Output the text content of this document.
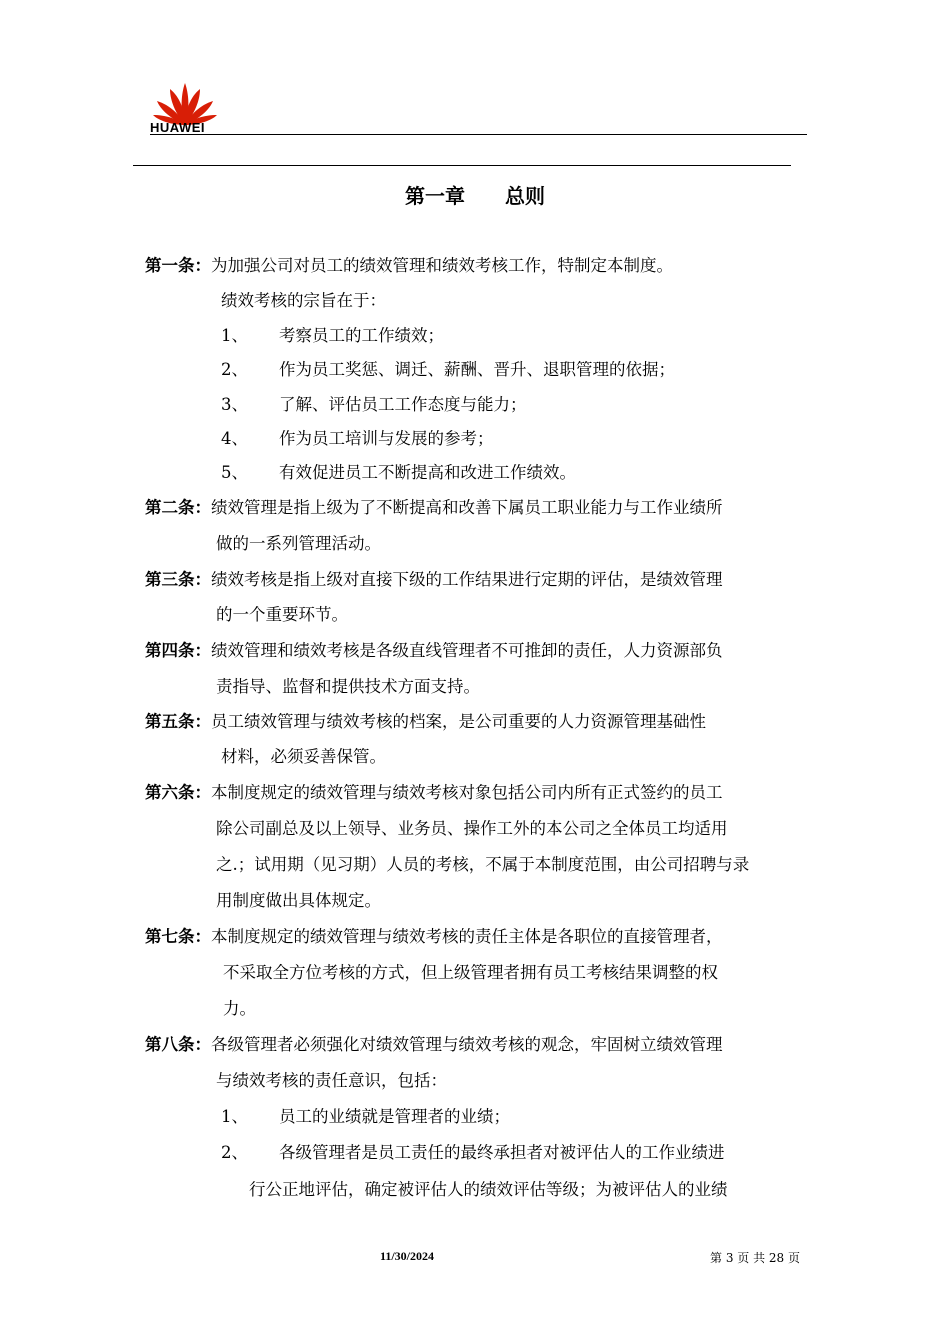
HUAWEI
第一章 总则
第一条：为加强公司对员工的绩效管理和绩效考核工作，特制定本制度。
绩效考核的宗旨在于：
1、 考察员工的工作绩效；
2、 作为员工奖惩、调迁、薪酬、晋升、退职管理的依据；
3、 了解、评估员工工作态度与能力；
4、 作为员工培训与发展的参考；
5、 有效促进员工不断提高和改进工作绩效。
第二条：绩效管理是指上级为了不断提高和改善下属员工职业能力与工作业绩所
做的一系列管理活动。
第三条：绩效考核是指上级对直接下级的工作结果进行定期的评估，是绩效管理
的一个重要环节。
第四条：绩效管理和绩效考核是各级直线管理者不可推卸的责任，人力资源部负
责指导、监督和提供技术方面支持。
第五条：员工绩效管理与绩效考核的档案，是公司重要的人力资源管理基础性
材料，必须妥善保管。
第六条：本制度规定的绩效管理与绩效考核对象包括公司内所有正式签约的员工
除公司副总及以上领导、业务员、操作工外的本公司之全体员工均适用
之.；试用期（见习期）人员的考核，不属于本制度范围，由公司招聘与录
用制度做出具体规定。
第七条：本制度规定的绩效管理与绩效考核的责任主体是各职位的直接管理者，
不采取全方位考核的方式，但上级管理者拥有员工考核结果调整的权
力。
第八条：各级管理者必须强化对绩效管理与绩效考核的观念，牢固树立绩效管理
与绩效考核的责任意识，包括：
1、 员工的业绩就是管理者的业绩；
2、 各级管理者是员工责任的最终承担者对被评估人的工作业绩进
行公正地评估，确定被评估人的绩效评估等级；为被评估人的业绩
11/30/2024	第 3 页 共 28 页
